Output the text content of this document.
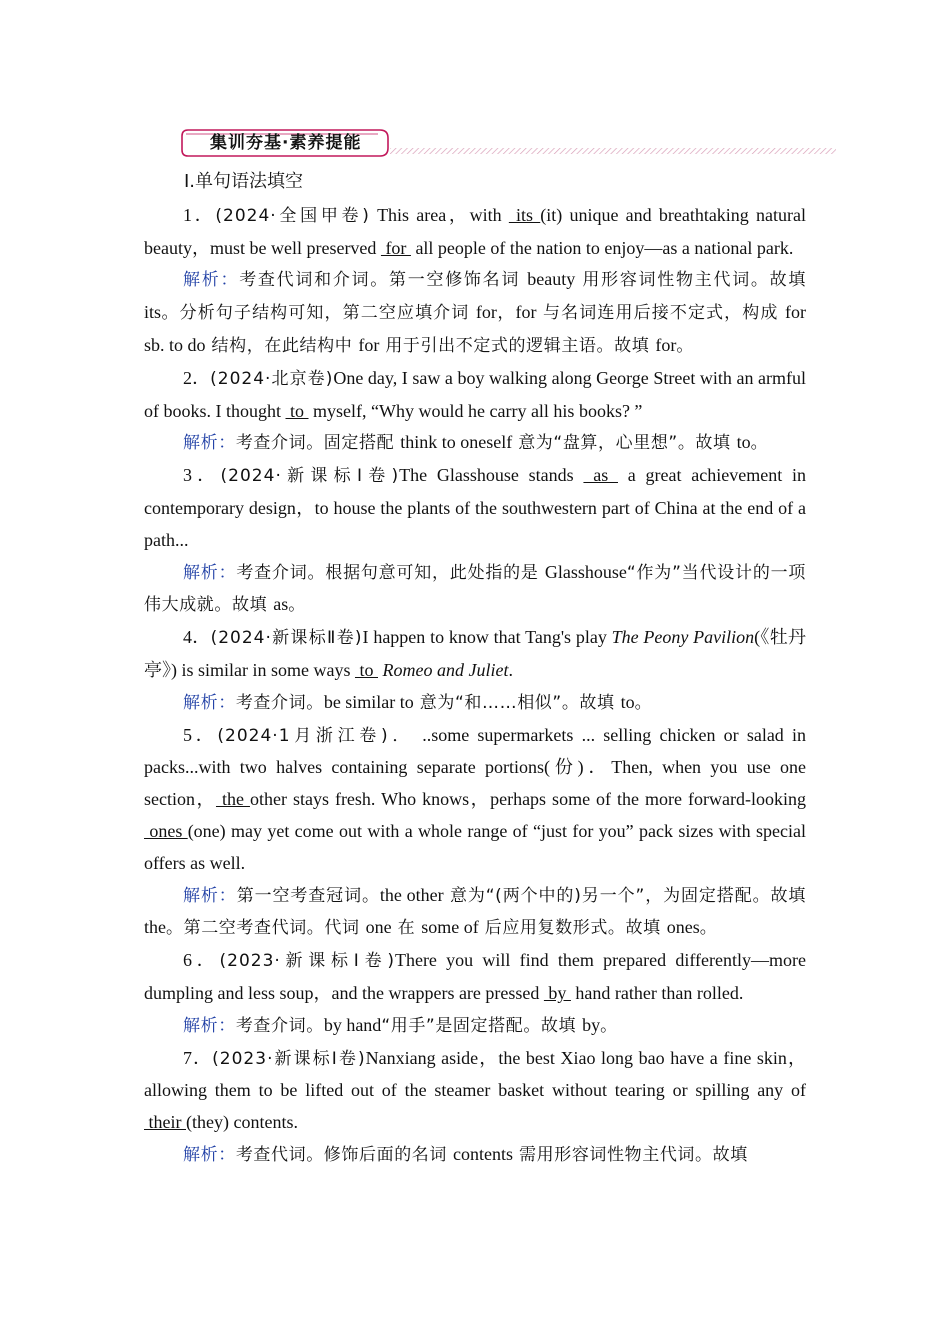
集训夯基·素养提能
Ⅰ.单句语法填空

1．(2024·全国甲卷) This area，with  its (it) unique and breathtaking natural beauty，must be well preserved  for  all people of the nation to enjoy—as a national park.

解析：考查代词和介词。第一空修饰名词 beauty 用形容词性物主代词。故填 its。分析句子结构可知，第二空应填介词 for，for 与名词连用后接不定式，构成 for sb. to do 结构，在此结构中 for 用于引出不定式的逻辑主语。故填 for。

2．(2024·北京卷)One day, I saw a boy walking along George Street with an armful of books. I thought  to  myself, “Why would he carry all his books? ”

解析：考查介词。固定搭配 think to oneself 意为“盘算，心里想”。故填 to。

3．(2024·新课标Ⅰ卷)The Glasshouse stands  as  a great achievement in contemporary design，to house the plants of the southwestern part of China at the end of a path...

解析：考查介词。根据句意可知，此处指的是 Glasshouse“作为”当代设计的一项伟大成就。故填 as。

4．(2024·新课标Ⅱ卷)I happen to know that Tang's play The Peony Pavilion(《牡丹亭》) is similar in some ways  to  Romeo and Juliet.

解析：考查介词。be similar to 意为“和……相似”。故填 to。

5．(2024·1月浙江卷)． ..some supermarkets ... selling chicken or salad in packs...with two halves containing separate portions(份)．Then, when you use one section， the other stays fresh. Who knows，perhaps some of the more forward-looking  ones (one) may yet come out with a whole range of “just for you” pack sizes with special offers as well.

解析：第一空考查冠词。the other 意为“(两个中的)另一个”，为固定搭配。故填 the。第二空考查代词。代词 one 在 some of 后应用复数形式。故填 ones。

6．(2023·新课标Ⅰ卷)There you will find them prepared differently—more dumpling and less soup，and the wrappers are pressed  by  hand rather than rolled.

解析：考查介词。by hand“用手”是固定搭配。故填 by。

7．(2023·新课标Ⅰ卷)Nanxiang aside，the best Xiao long bao have a fine skin，allowing them to be lifted out of the steamer basket without tearing or spilling any of  their (they) contents.

解析：考查代词。修饰后面的名词 contents 需用形容词性物主代词。故填
